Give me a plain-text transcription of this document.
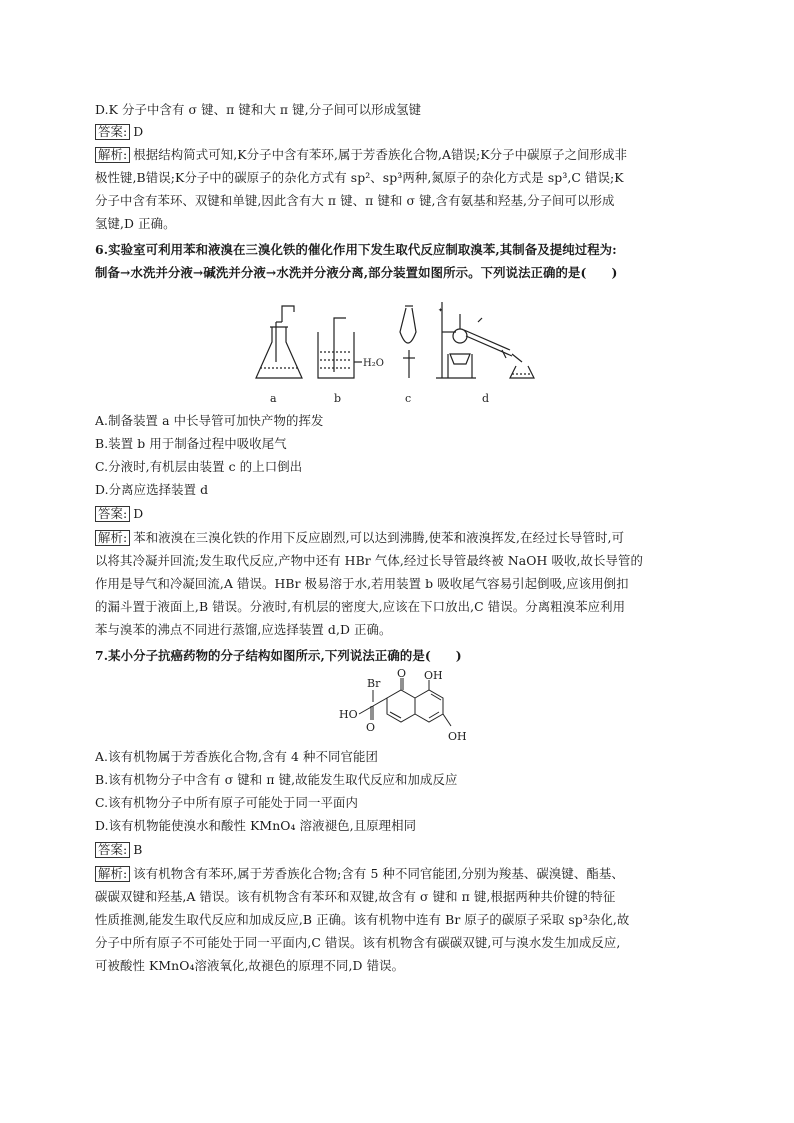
D.K 分子中含有 σ 键、π 键和大 π 键,分子间可以形成氢键
答案: D
解析: 根据结构简式可知,K分子中含有苯环,属于芳香族化合物,A错误;K分子中碳原子之间形成非
极性键,B错误;K分子中的碳原子的杂化方式有 sp²、sp³两种,氮原子的杂化方式是 sp³,C 错误;K
分子中含有苯环、双键和单键,因此含有大 π 键、π 键和 σ 键,含有氨基和羟基,分子间可以形成
氢键,D 正确。
6.实验室可利用苯和液溴在三溴化铁的催化作用下发生取代反应制取溴苯,其制备及提纯过程为:
制备→水洗并分液→碱洗并分液→水洗并分液分离,部分装置如图所示。下列说法正确的是(　　)
✦
a	b	c	d
H₂O
A.制备装置 a 中长导管可加快产物的挥发
B.装置 b 用于制备过程中吸收尾气
C.分液时,有机层由装置 c 的上口倒出
D.分离应选择装置 d
答案: D
解析: 苯和液溴在三溴化铁的作用下反应剧烈,可以达到沸腾,使苯和液溴挥发,在经过长导管时,可
以将其冷凝并回流;发生取代反应,产物中还有 HBr 气体,经过长导管最终被 NaOH 吸收,故长导管的
作用是导气和冷凝回流,A 错误。HBr 极易溶于水,若用装置 b 吸收尾气容易引起倒吸,应该用倒扣
的漏斗置于液面上,B 错误。分液时,有机层的密度大,应该在下口放出,C 错误。分离粗溴苯应利用
苯与溴苯的沸点不同进行蒸馏,应选择装置 d,D 正确。
7.某小分子抗癌药物的分子结构如图所示,下列说法正确的是(　　)
Br
O OH
HO
O
OH
A.该有机物属于芳香族化合物,含有 4 种不同官能团
B.该有机物分子中含有 σ 键和 π 键,故能发生取代反应和加成反应
C.该有机物分子中所有原子可能处于同一平面内
D.该有机物能使溴水和酸性 KMnO₄ 溶液褪色,且原理相同
答案: B
解析: 该有机物含有苯环,属于芳香族化合物;含有 5 种不同官能团,分别为羧基、碳溴键、酯基、
碳碳双键和羟基,A 错误。该有机物含有苯环和双键,故含有 σ 键和 π 键,根据两种共价键的特征
性质推测,能发生取代反应和加成反应,B 正确。该有机物中连有 Br 原子的碳原子采取 sp³杂化,故
分子中所有原子不可能处于同一平面内,C 错误。该有机物含有碳碳双键,可与溴水发生加成反应,
可被酸性 KMnO₄溶液氧化,故褪色的原理不同,D 错误。
